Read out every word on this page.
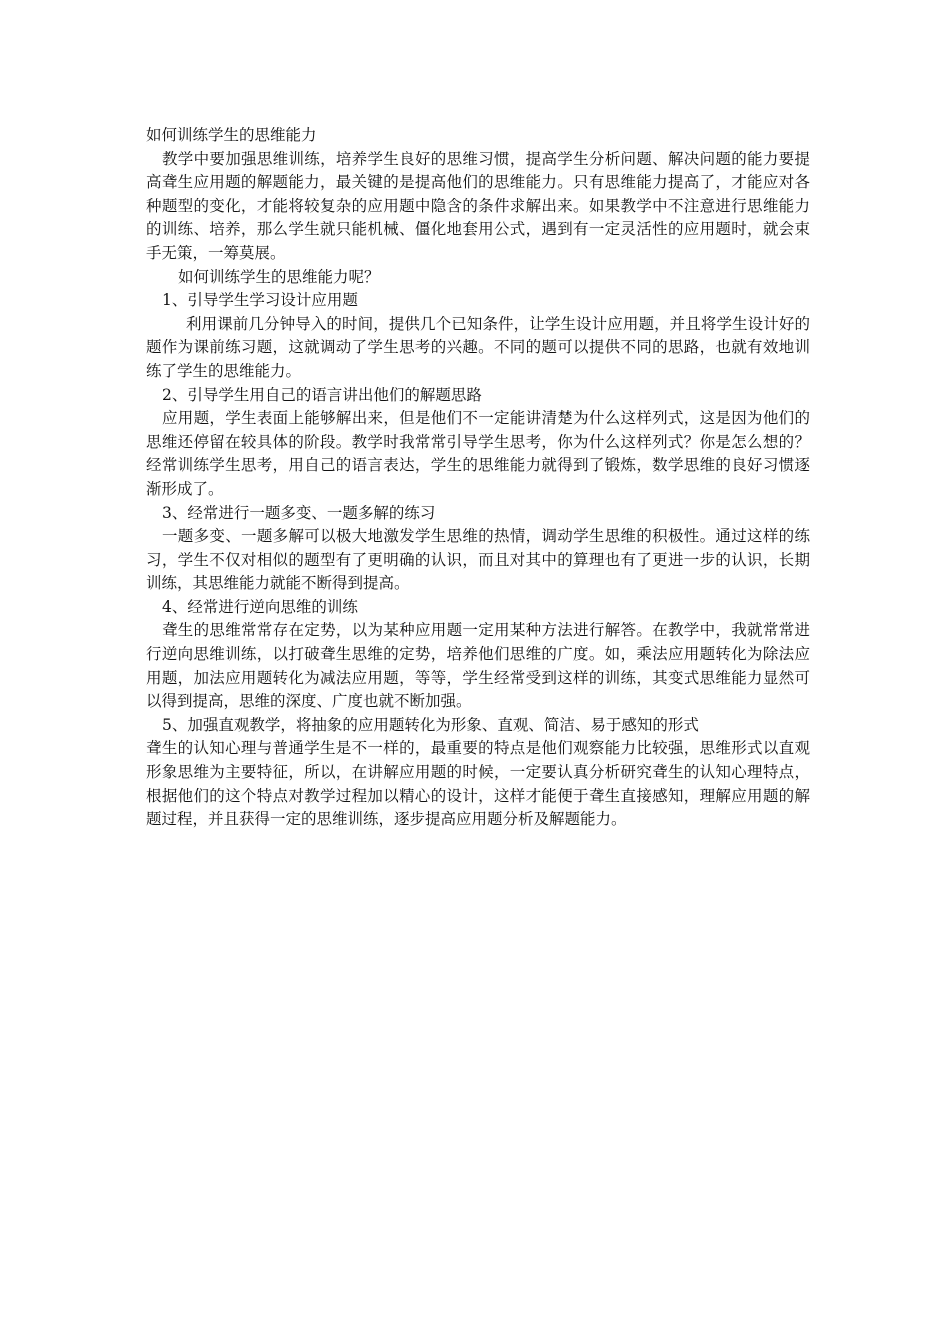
如何训练学生的思维能力

教学中要加强思维训练，培养学生良好的思维习惯，提高学生分析问题、解决问题的能力要提高聋生应用题的解题能力，最关键的是提高他们的思维能力。只有思维能力提高了，才能应对各种题型的变化，才能将较复杂的应用题中隐含的条件求解出来。如果教学中不注意进行思维能力的训练、培养，那么学生就只能机械、僵化地套用公式，遇到有一定灵活性的应用题时，就会束手无策，一筹莫展。

如何训练学生的思维能力呢？

1、引导学生学习设计应用题

利用课前几分钟导入的时间，提供几个已知条件，让学生设计应用题，并且将学生设计好的题作为课前练习题，这就调动了学生思考的兴趣。不同的题可以提供不同的思路，也就有效地训练了学生的思维能力。

2、引导学生用自己的语言讲出他们的解题思路

应用题，学生表面上能够解出来，但是他们不一定能讲清楚为什么这样列式，这是因为他们的思维还停留在较具体的阶段。教学时我常常引导学生思考，你为什么这样列式？你是怎么想的？经常训练学生思考，用自己的语言表达，学生的思维能力就得到了锻炼，数学思维的良好习惯逐渐形成了。

3、经常进行一题多变、一题多解的练习

一题多变、一题多解可以极大地激发学生思维的热情，调动学生思维的积极性。通过这样的练习，学生不仅对相似的题型有了更明确的认识，而且对其中的算理也有了更进一步的认识，长期训练，其思维能力就能不断得到提高。

4、经常进行逆向思维的训练

聋生的思维常常存在定势，以为某种应用题一定用某种方法进行解答。在教学中，我就常常进行逆向思维训练，以打破聋生思维的定势，培养他们思维的广度。如，乘法应用题转化为除法应用题，加法应用题转化为减法应用题，等等，学生经常受到这样的训练，其变式思维能力显然可以得到提高，思维的深度、广度也就不断加强。

5、加强直观教学，将抽象的应用题转化为形象、直观、简洁、易于感知的形式

聋生的认知心理与普通学生是不一样的，最重要的特点是他们观察能力比较强，思维形式以直观形象思维为主要特征，所以，在讲解应用题的时候，一定要认真分析研究聋生的认知心理特点，根据他们的这个特点对教学过程加以精心的设计，这样才能便于聋生直接感知，理解应用题的解题过程，并且获得一定的思维训练，逐步提高应用题分析及解题能力。
